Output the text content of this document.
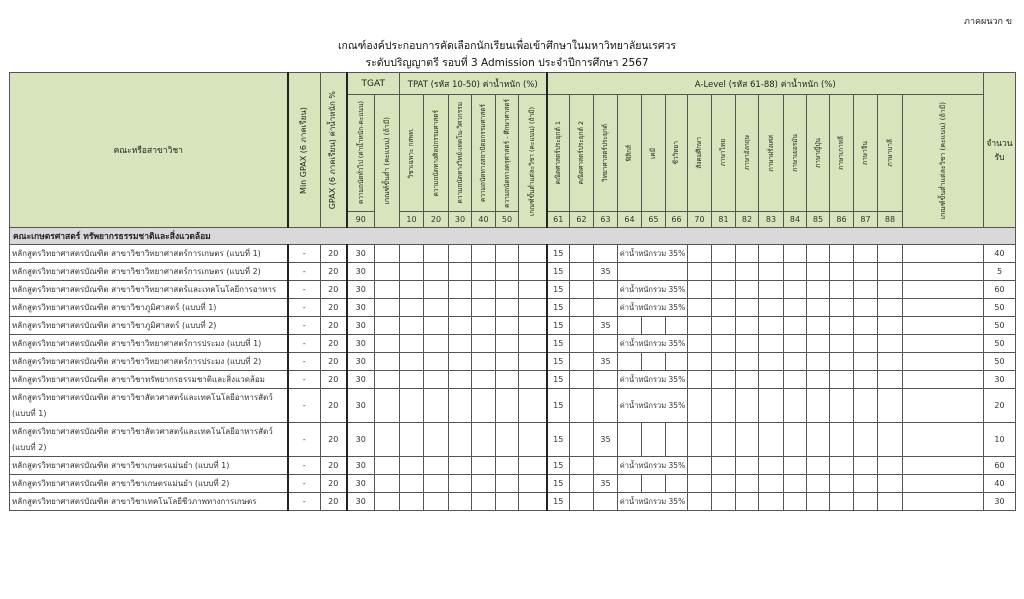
ภาคผนวก ข
เกณฑ์องค์ประกอบการคัดเลือกนักเรียนเพื่อเข้าศึกษาในมหาวิทยาลัยนเรศวร
ระดับปริญญาตรี รอบที่ 3 Admission ประจำปีการศึกษา 2567
คณะหรือสาขาวิชา	Min GPAX (6 ภาคเรียน)	GPAX (6 ภาคเรียน) ค่าน้ำหนัก %	TGAT		TPAT (รหัส 10-50) ค่าน้ำหนัก (%)						A-Level (รหัส 61-88) ค่าน้ำหนัก (%)																จำนวนรับ

			ความถนัดทั่วไป (ค่าน้ำหนัก-คะแนน)	เกณฑ์ขั้นต่ำ (คะแนน) (ถ้ามี)	วิชาเฉพาะ กสพท.	ความถนัดทางศิลปกรรมศาสตร์	ความถนัดทางวิทย์-เทคโน-วิศวกรรม	ความถนัดทางสถาปัตยกรรมศาสตร์	ความถนัดทางครุศาสตร์ - ศึกษาศาสตร์	เกณฑ์ขั้นต่ำแต่ละวิชา (คะแนน) (ถ้ามี)	คณิตศาสตร์ประยุกต์ 1	คณิตศาสตร์ประยุกต์ 2	วิทยาศาสตร์ประยุกต์	ฟิสิกส์	เคมี	ชีววิทยา	สังคมศึกษา	ภาษาไทย	ภาษาอังกฤษ	ภาษาฝรั่งเศส	ภาษาเยอรมัน	ภาษาญี่ปุ่น	ภาษาเกาหลี	ภาษาจีน	ภาษาบาลี	เกณฑ์ขั้นต่ำแต่ละวิชา (คะแนน) (ถ้ามี)	

			90		10	20	30	40	50		61	62	63	64	65	66	70	81	82	83	84	85	86	87	88		
คณะเกษตรศาสตร์ ทรัพยากรธรรมชาติและสิ่งแวดล้อม																											
หลักสูตรวิทยาศาสตรบัณฑิต สาขาวิชาวิทยาศาสตร์การเกษตร (แบบที่ 1)	-	20	30								15			ค่าน้ำหนักรวม 35%													40
หลักสูตรวิทยาศาสตรบัณฑิต สาขาวิชาวิทยาศาสตร์การเกษตร (แบบที่ 2)	-	20	30								15		35														5
หลักสูตรวิทยาศาสตรบัณฑิต สาขาวิชาวิทยาศาสตร์และเทคโนโลยีการอาหาร	-	20	30								15			ค่าน้ำหนักรวม 35%													60
หลักสูตรวิทยาศาสตรบัณฑิต สาขาวิชาภูมิศาสตร์ (แบบที่ 1)	-	20	30								15			ค่าน้ำหนักรวม 35%													50
หลักสูตรวิทยาศาสตรบัณฑิต สาขาวิชาภูมิศาสตร์ (แบบที่ 2)	-	20	30								15		35														50
หลักสูตรวิทยาศาสตรบัณฑิต สาขาวิชาวิทยาศาสตร์การประมง (แบบที่ 1)	-	20	30								15			ค่าน้ำหนักรวม 35%													50
หลักสูตรวิทยาศาสตรบัณฑิต สาขาวิชาวิทยาศาสตร์การประมง (แบบที่ 2)	-	20	30								15		35														50
หลักสูตรวิทยาศาสตรบัณฑิต สาขาวิชาทรัพยากรธรรมชาติและสิ่งแวดล้อม	-	20	30								15			ค่าน้ำหนักรวม 35%													30
หลักสูตรวิทยาศาสตรบัณฑิต สาขาวิชาสัตวศาสตร์และเทคโนโลยีอาหารสัตว์ (แบบที่ 1)	-	20	30								15			ค่าน้ำหนักรวม 35%													20
หลักสูตรวิทยาศาสตรบัณฑิต สาขาวิชาสัตวศาสตร์และเทคโนโลยีอาหารสัตว์ (แบบที่ 2)	-	20	30								15		35														10
หลักสูตรวิทยาศาสตรบัณฑิต สาขาวิชาเกษตรแม่นยำ (แบบที่ 1)	-	20	30								15			ค่าน้ำหนักรวม 35%													60
หลักสูตรวิทยาศาสตรบัณฑิต สาขาวิชาเกษตรแม่นยำ (แบบที่ 2)	-	20	30								15		35														40
หลักสูตรวิทยาศาสตรบัณฑิต สาขาวิชาเทคโนโลยีชีวภาพทางการเกษตร	-	20	30								15			ค่าน้ำหนักรวม 35%													30
